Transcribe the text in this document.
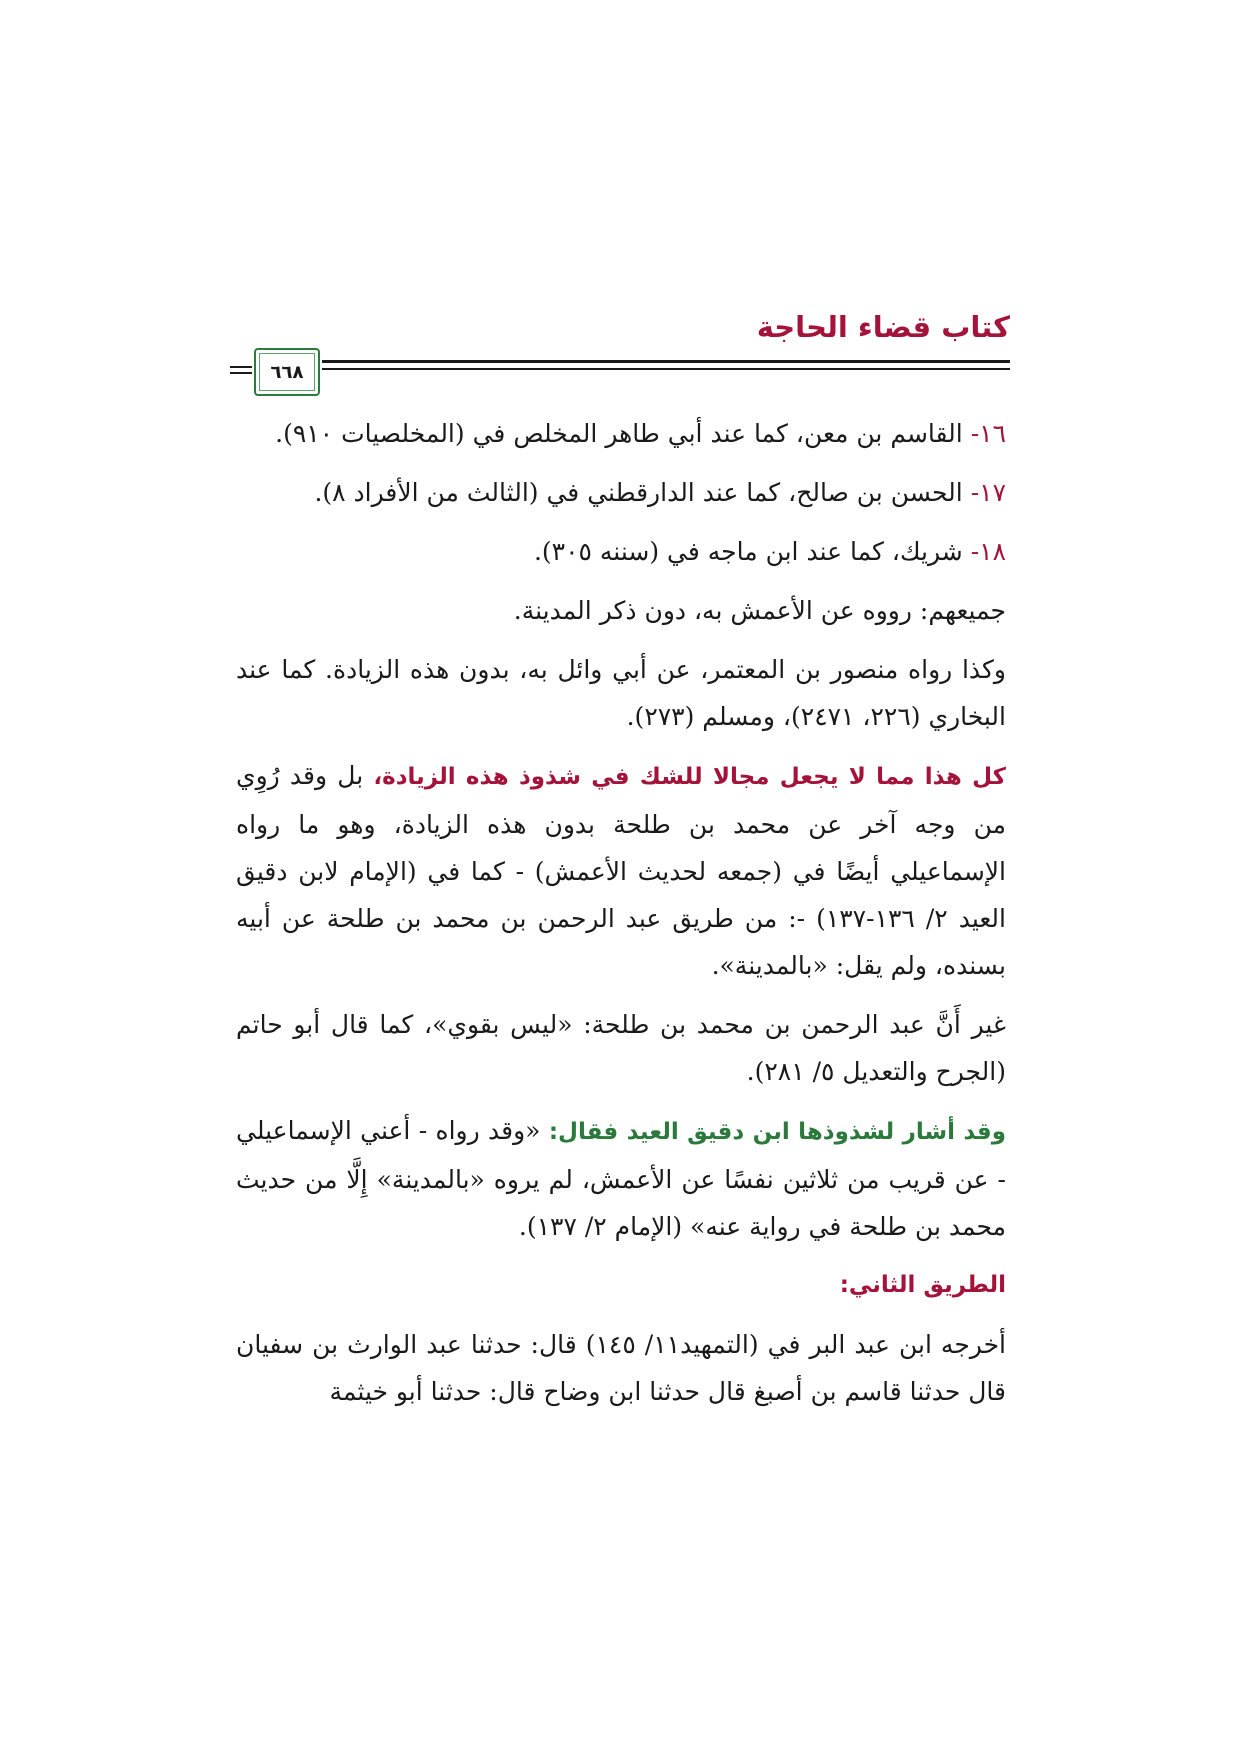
كتاب قضاء الحاجة
٦٦٨

١٦- القاسم بن معن، كما عند أبي طاهر المخلص في (المخلصيات ٩١٠).

١٧- الحسن بن صالح، كما عند الدارقطني في (الثالث من الأفراد ٨).

١٨- شريك، كما عند ابن ماجه في (سننه ٣٠٥).

جميعهم: رووه عن الأعمش به، دون ذكر المدينة.

وكذا رواه منصور بن المعتمر، عن أبي وائل به، بدون هذه الزيادة. كما عند البخاري (٢٢٦، ٢٤٧١)، ومسلم (٢٧٣).

كل هذا مما لا يجعل مجالا للشك في شذوذ هذه الزيادة، بل وقد رُوِي من وجه آخر عن محمد بن طلحة بدون هذه الزيادة، وهو ما رواه الإسماعيلي أيضًا في (جمعه لحديث الأعمش) - كما في (الإمام لابن دقيق العيد ٢/ ١٣٦-١٣٧) -: من طريق عبد الرحمن بن محمد بن طلحة عن أبيه بسنده، ولم يقل: «بالمدينة».

غير أَنَّ عبد الرحمن بن محمد بن طلحة: «ليس بقوي»، كما قال أبو حاتم (الجرح والتعديل ٥/ ٢٨١).

وقد أشار لشذوذها ابن دقيق العيد فقال: «وقد رواه - أعني الإسماعيلي - عن قريب من ثلاثين نفسًا عن الأعمش، لم يروه «بالمدينة» إِلَّا من حديث محمد بن طلحة في رواية عنه» (الإمام ٢/ ١٣٧).

الطريق الثاني:

أخرجه ابن عبد البر في (التمهيد١١/ ١٤٥) قال: حدثنا عبد الوارث بن سفيان قال حدثنا قاسم بن أصبغ قال حدثنا ابن وضاح قال: حدثنا أبو خيثمة
